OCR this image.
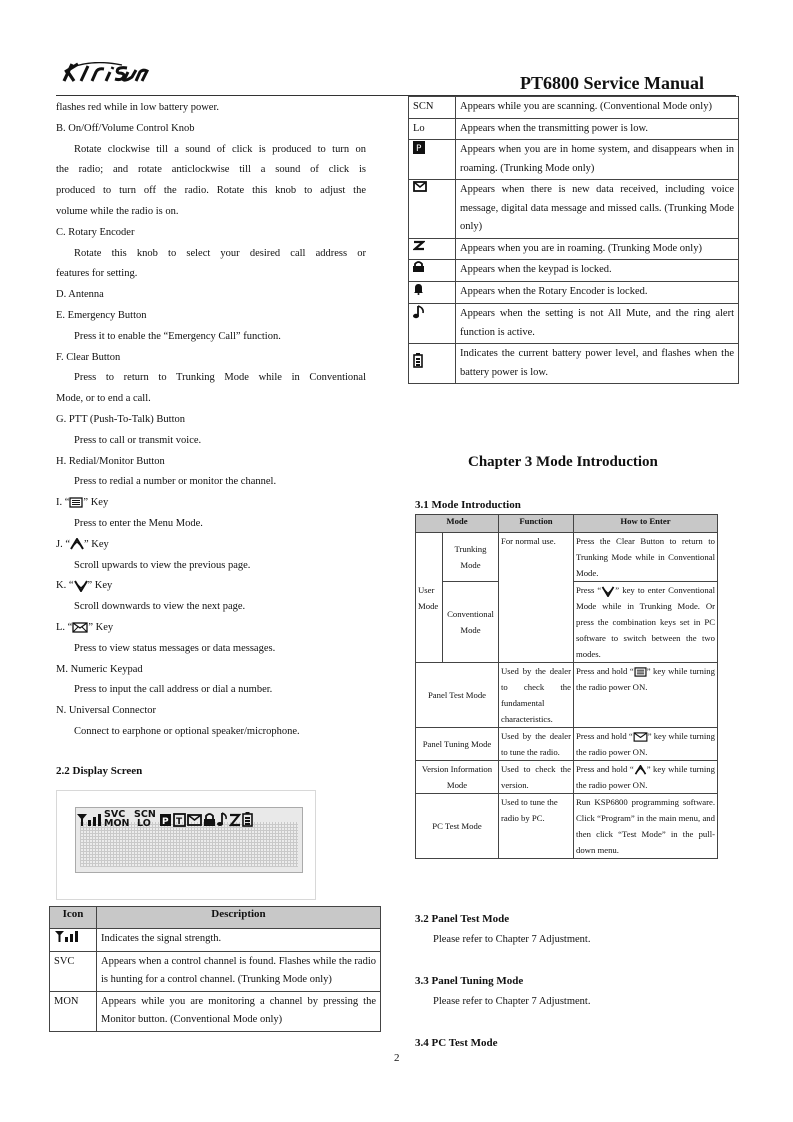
PT6800 Service Manual
flashes red while in low battery power.
B. On/Off/Volume Control Knob
Rotate clockwise till a sound of click is produced to turn on
the radio; and rotate anticlockwise till a sound of click is
produced to turn off the radio. Rotate this knob to adjust the
volume while the radio is on.
C. Rotary Encoder
Rotate this knob to select your desired call address or
features for setting.
D. Antenna
E. Emergency Button
Press it to enable the “Emergency Call” function.
F. Clear Button
Press to return to Trunking Mode while in Conventional
Mode, or to end a call.
G. PTT (Push-To-Talk) Button
Press to call or transmit voice.
H. Redial/Monitor Button
Press to redial a number or monitor the channel.
I. “ ” Key
Press to enter the Menu Mode.
J. “ ” Key
Scroll upwards to view the previous page.
K. “ ” Key
Scroll downwards to view the next page.
L. “ ” Key
Press to view status messages or data messages.
M. Numeric Keypad
Press to input the call address or dial a number.
N. Universal Connector
Connect to earphone or optional speaker/microphone.
2.2 Display Screen
SVC
MON
SCN
LO P T
Icon	Description
	Indicates the signal strength.
SVC	Appears when a control channel is found. Flashes while the radio is hunting for a control channel. (Trunking Mode only)
MON	Appears while you are monitoring a channel by pressing the Monitor button. (Conventional Mode only)
SCN	Appears while you are scanning. (Conventional Mode only)
Lo	Appears when the transmitting power is low.

P	Appears when you are in home system, and disappears when in roaming. (Trunking Mode only)
	Appears when there is new data received, including voice message, digital data message and missed calls. (Trunking Mode only)
	Appears when you are in roaming. (Trunking Mode only)
	Appears when the keypad is locked.
	Appears when the Rotary Encoder is locked.
	Appears when the setting is not All Mute, and the ring alert function is active.
	Indicates the current battery power level, and flashes when the battery power is low.
Chapter 3 Mode Introduction
3.1 Mode Introduction
Mode		Function	How to Enter
User Mode	Trunking Mode	For normal use.	Press the Clear Button to return to Trunking Mode while in Conventional Mode.
	Conventional Mode		Press “ ” key to enter Conventional Mode while in Trunking Mode. Or press the combination keys set in PC software to switch between the two modes.
Panel Test Mode		Used by the dealer to check the fundamental characteristics.	Press and hold “ ” key while turning the radio power ON.
Panel Tuning Mode		Used by the dealer to tune the radio.	Press and hold “ ” key while turning the radio power ON.
Version Information Mode		Used to check the version.	Press and hold “ ” key while turning the radio power ON.
PC Test Mode		Used to tune the radio by PC.	Run KSP6800 programming software. Click “Program” in the main menu, and then click “Test Mode” in the pull-down menu.
3.2 Panel Test Mode
Please refer to Chapter 7 Adjustment.
3.3 Panel Tuning Mode
Please refer to Chapter 7 Adjustment.
3.4 PC Test Mode
2
